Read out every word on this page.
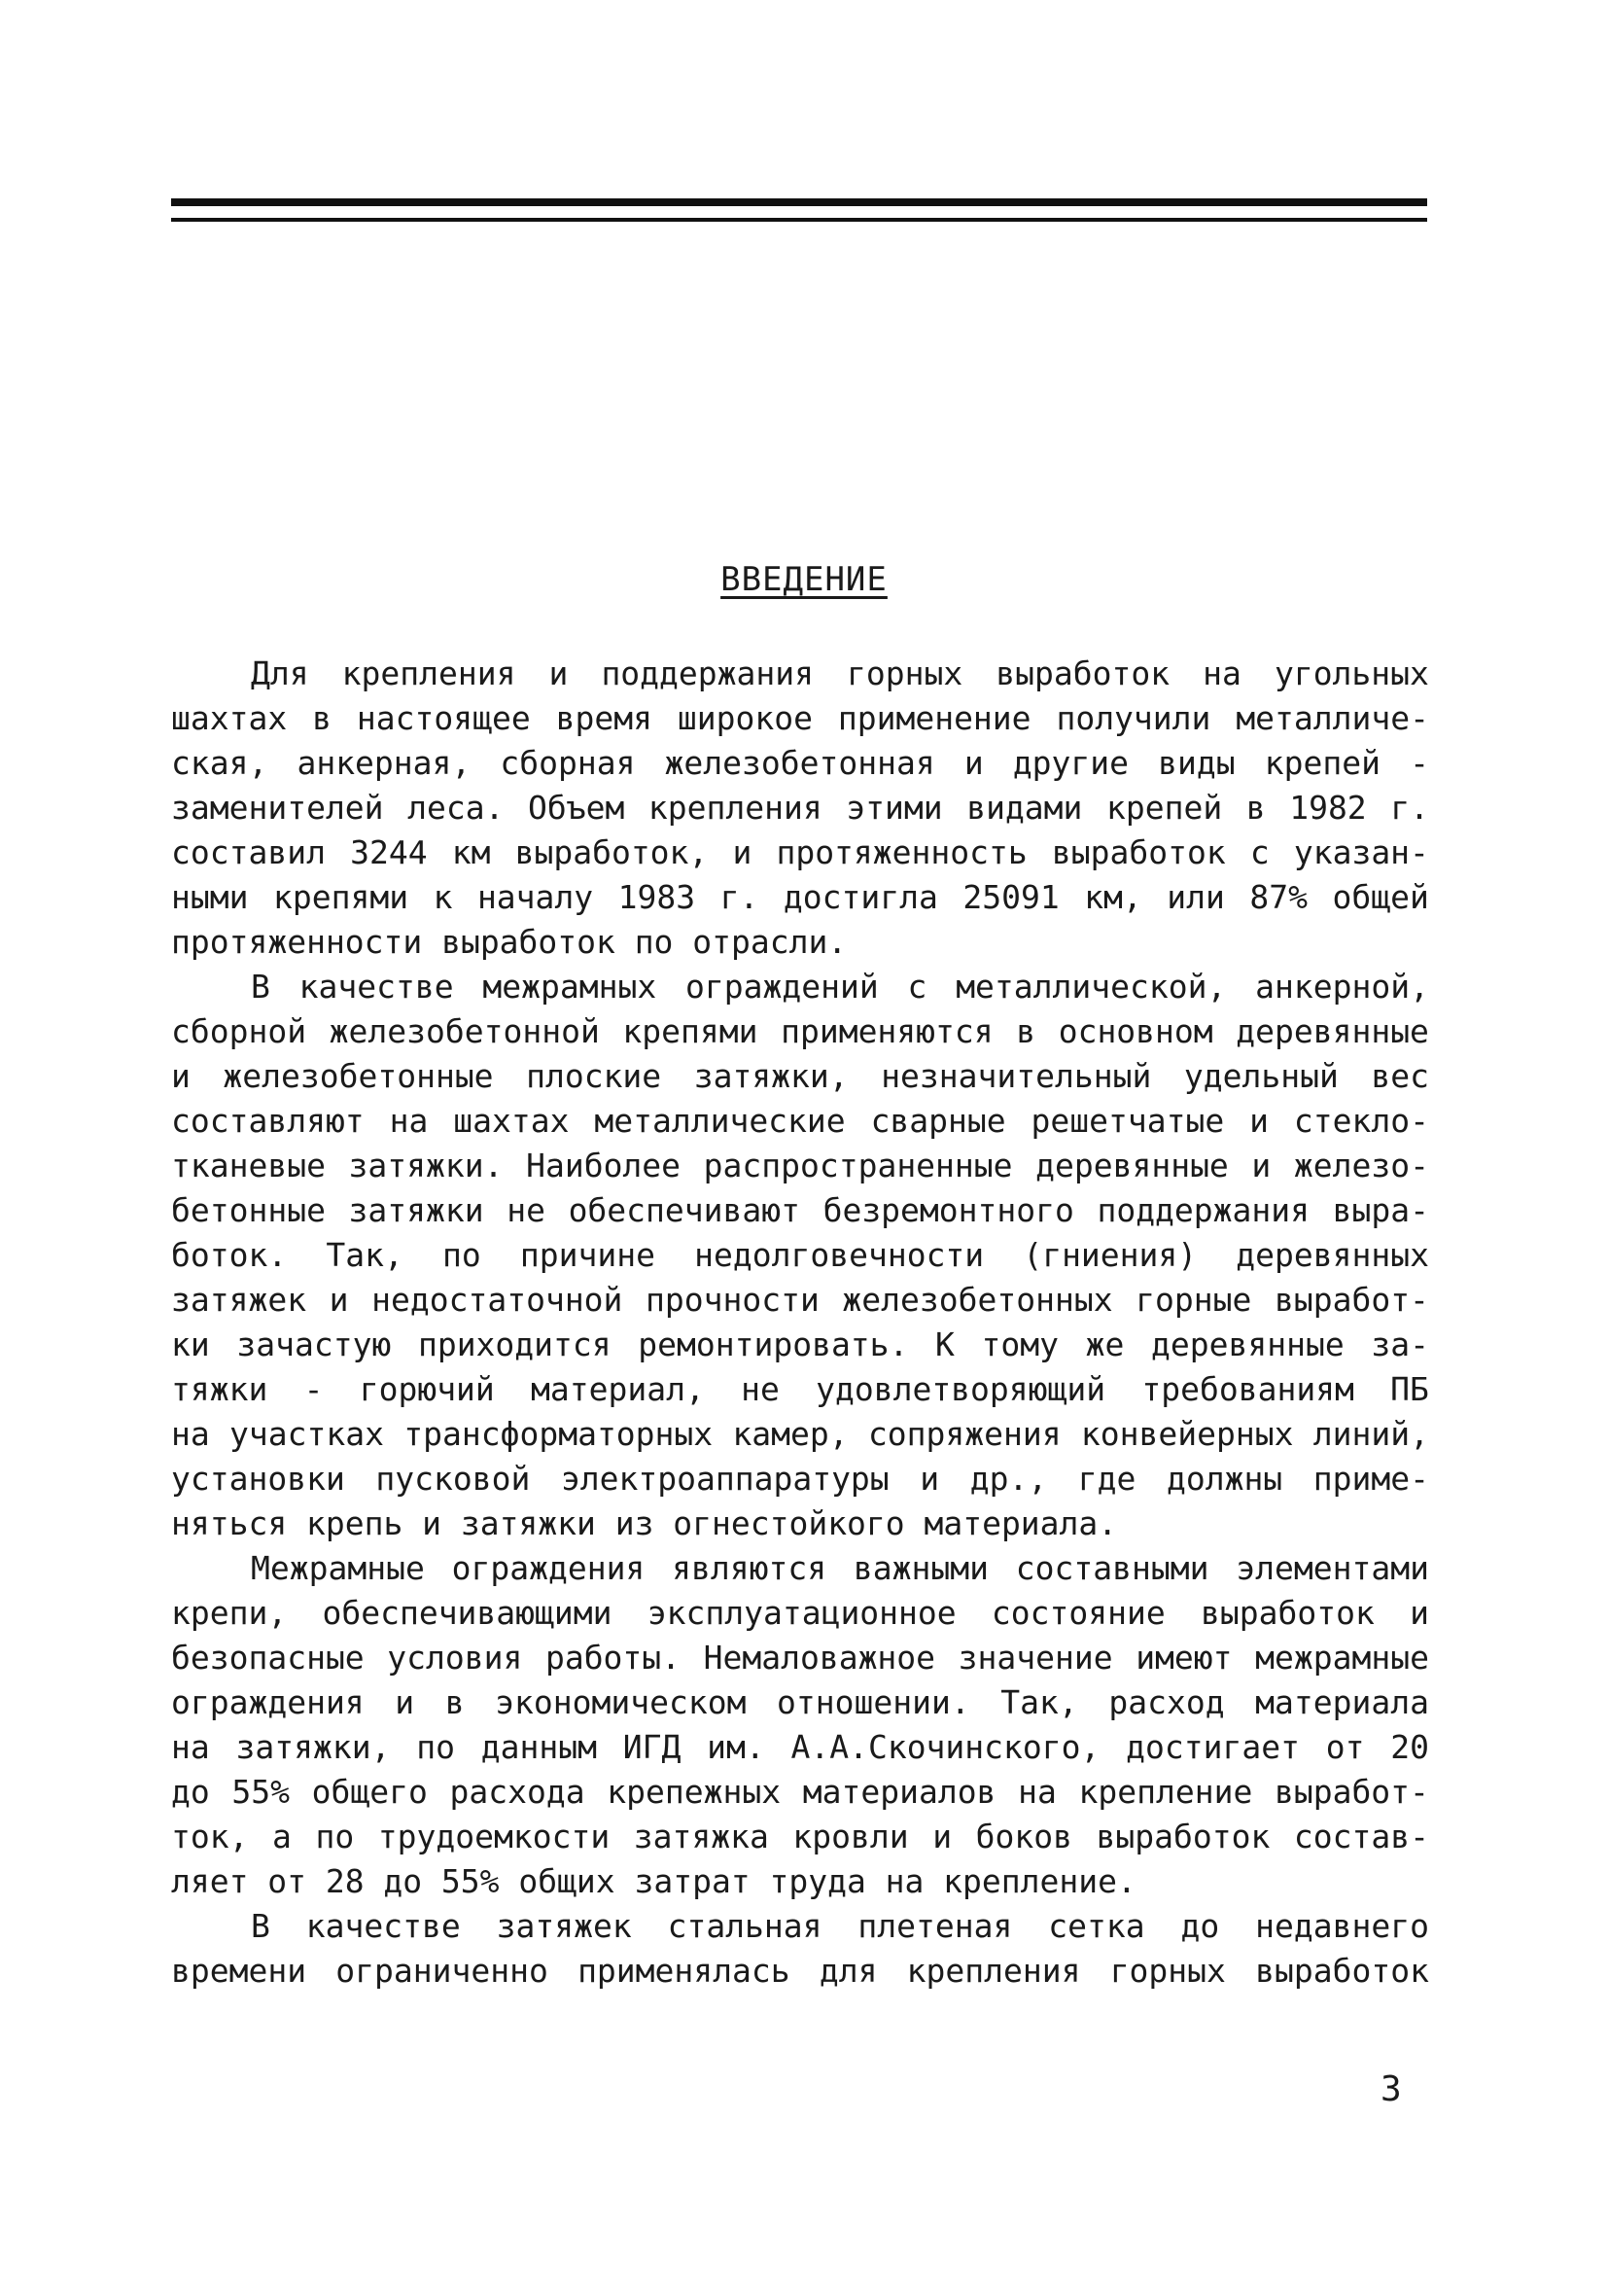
ВВЕДЕНИЕ
Для крепления и поддержания горных выработок на угольных
шахтах в настоящее время широкое применение получили металличе-
ская, анкерная, сборная железобетонная и другие виды крепей -
заменителей леса. Объем крепления этими видами крепей в 1982 г.
составил 3244 км выработок, и протяженность выработок с указан-
ными крепями к началу 1983 г. достигла 25091 км, или 87% общей
протяженности выработок по отрасли.
В качестве межрамных ограждений с металлической, анкерной,
сборной железобетонной крепями применяются в основном деревянные
и железобетонные плоские затяжки, незначительный удельный вес
составляют на шахтах металлические сварные решетчатые и стекло-
тканевые затяжки. Наиболее распространенные деревянные и железо-
бетонные затяжки не обеспечивают безремонтного поддержания выра-
боток. Так, по причине недолговечности (гниения) деревянных
затяжек и недостаточной прочности железобетонных горные выработ-
ки зачастую приходится ремонтировать. К тому же деревянные за-
тяжки - горючий материал, не удовлетворяющий требованиям ПБ
на участках трансформаторных камер, сопряжения конвейерных линий,
установки пусковой электроаппаратуры и др., где должны приме-
няться крепь и затяжки из огнестойкого материала.
Межрамные ограждения являются важными составными элементами
крепи, обеспечивающими эксплуатационное состояние выработок и
безопасные условия работы. Немаловажное значение имеют межрамные
ограждения и в экономическом отношении. Так, расход материала
на затяжки, по данным ИГД им. А.А.Скочинского, достигает от 20
до 55% общего расхода крепежных материалов на крепление выработ-
ток, а по трудоемкости затяжка кровли и боков выработок состав-
ляет от 28 до 55% общих затрат труда на крепление.
В качестве затяжек стальная плетеная сетка до недавнего
времени ограниченно применялась для крепления горных выработок
3
